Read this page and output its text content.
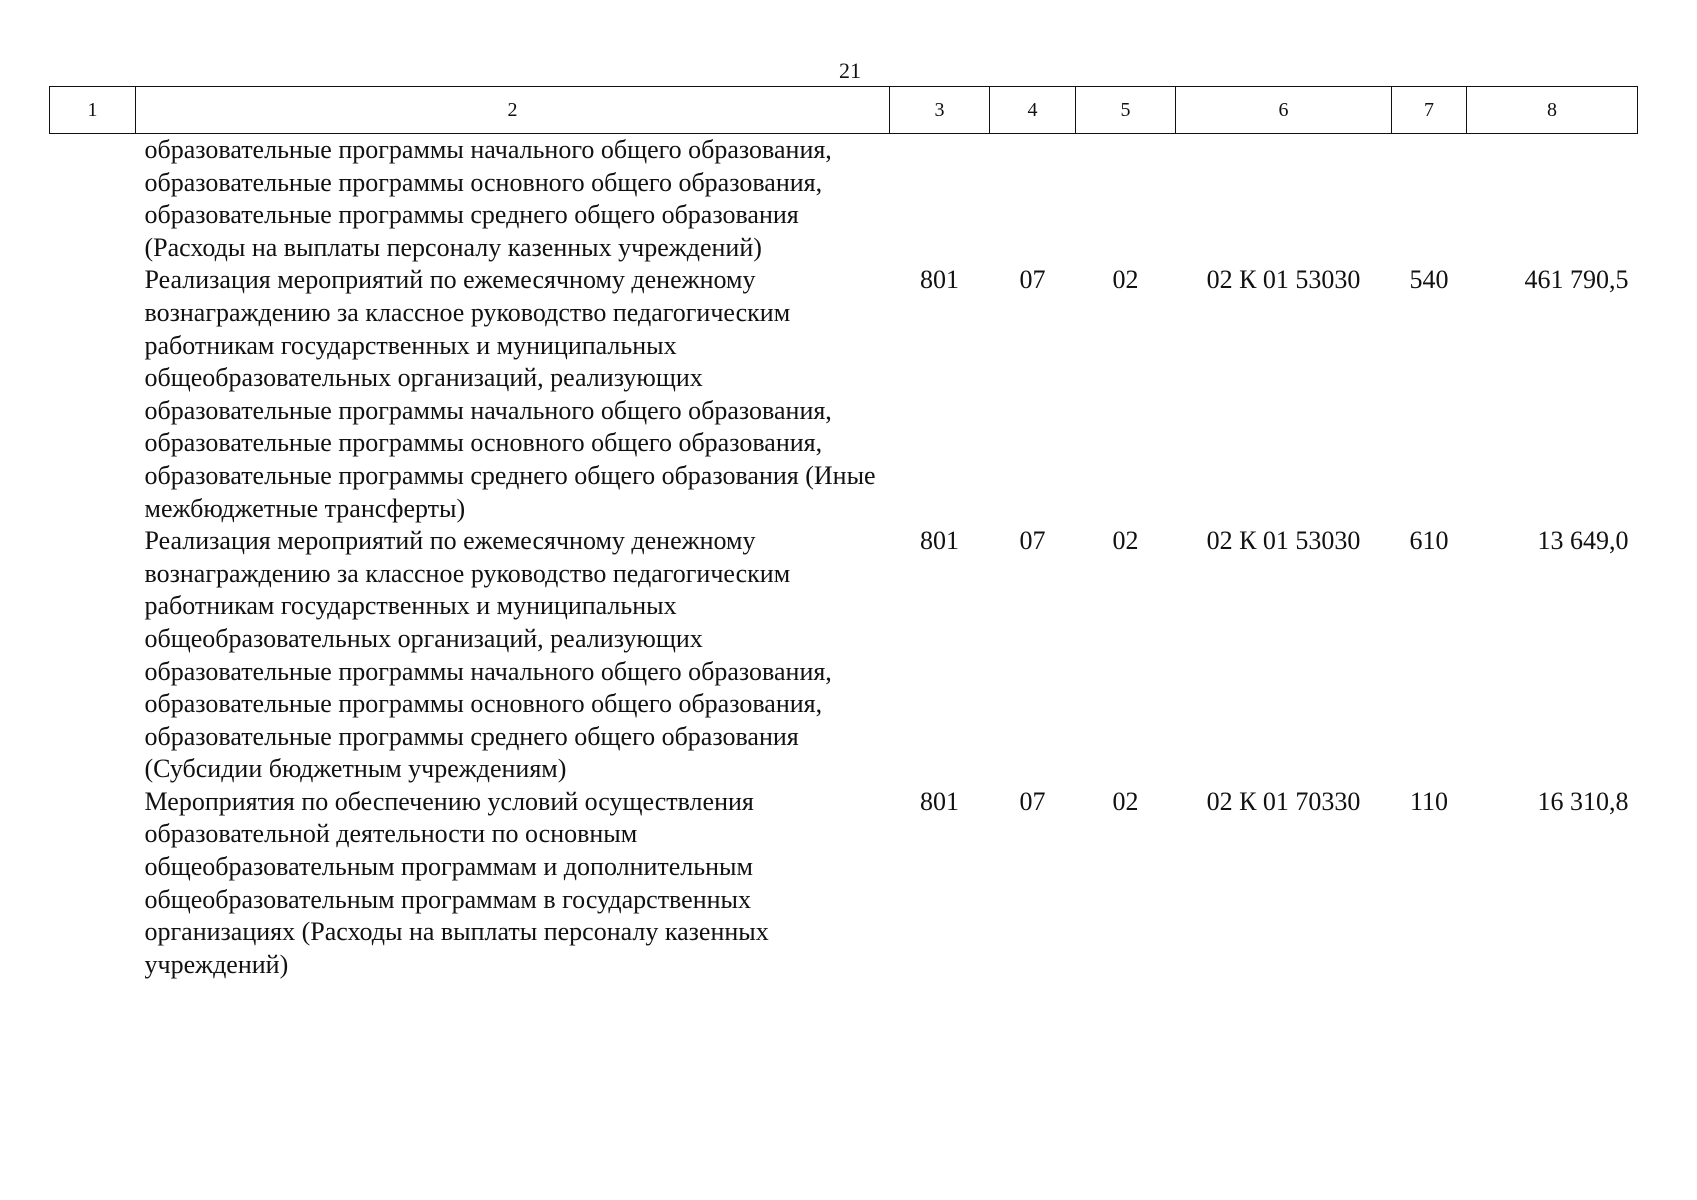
21
1	2	3	4	5	6	7	8
	образовательные программы начального общего образования, образовательные программы основного общего образования, образовательные программы среднего общего образования (Расходы на выплаты персоналу казенных учреждений)						
	Реализация мероприятий по ежемесячному денежному вознаграждению за классное руководство педагогическим работникам государственных и муниципальных общеобразовательных организаций, реализующих образовательные программы начального общего образования, образовательные программы основного общего образования, образовательные программы среднего общего образования (Иные межбюджетные трансферты)	801	07	02	02 К 01 53030	540	461 790,5
	Реализация мероприятий по ежемесячному денежному вознаграждению за классное руководство педагогическим работникам государственных и муниципальных общеобразовательных организаций, реализующих образовательные программы начального общего образования, образовательные программы основного общего образования, образовательные программы среднего общего образования (Субсидии бюджетным учреждениям)	801	07	02	02 К 01 53030	610	13 649,0
	Мероприятия по обеспечению условий осуществления образовательной деятельности по основным общеобразовательным программам и дополнительным общеобразовательным программам в государственных организациях (Расходы на выплаты персоналу казенных учреждений)	801	07	02	02 К 01 70330	110	16 310,8
